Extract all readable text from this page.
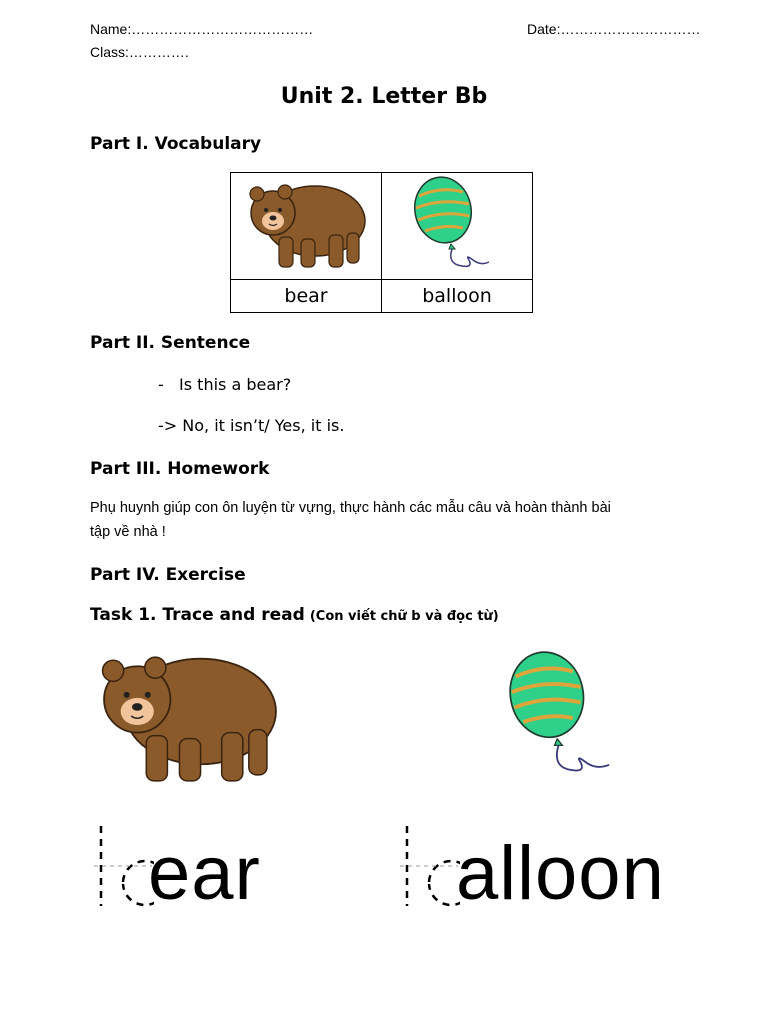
Name:…………………………………
Class:………….
Date:…………………………
Unit 2. Letter Bb
Part I. Vocabulary

bear	balloon
Part II. Sentence
-   Is this a bear?
-> No, it isn’t/ Yes, it is.
Part III. Homework
Phụ huynh giúp con ôn luyện từ vựng, thực hành các mẫu câu và hoàn thành bài
tập về nhà !
Part IV. Exercise
Task 1. Trace and read (Con viết chữ b và đọc từ)
ear	alloon
